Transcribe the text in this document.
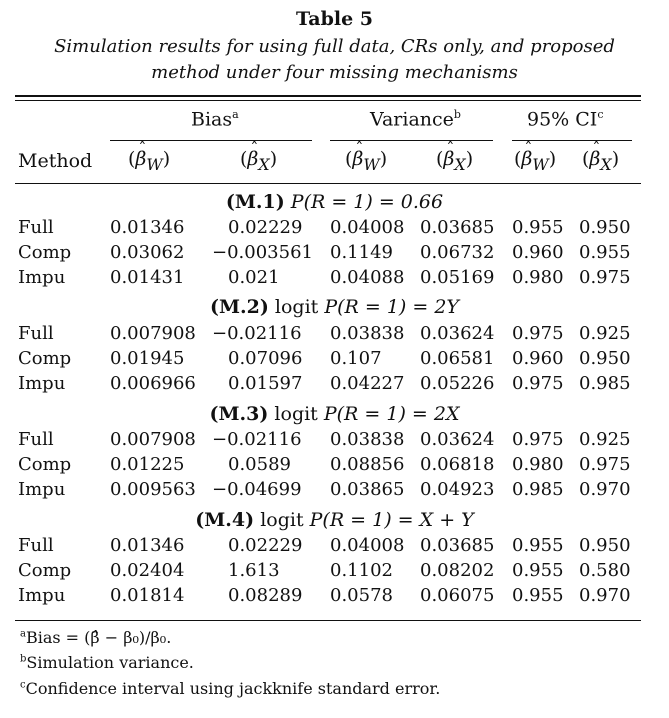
Table 5
Simulation results for using full data, CRs only, and proposed
method under four missing mechanisms
Bias$^a$	Variance$^b$	95% $CI^c$
Method (ˆ $\beta_W$)	(ˆ $\beta_X$)	(ˆ $\beta_W$)	(ˆ $\beta_X$) (ˆ $\beta_W$) (ˆ $\beta_X$)
(M.1) P(R = 1) = 0.66
Full	0.01346 0.02229 0.04008 0.03685 0.955 0.950
Comp 0.03062 −0.003561 0.1149 0.06732 0.960 0.955
Impu 0.01431 0.021	0.04088 0.05169 0.980 0.975
(M.2) logit P(R = 1) = 2Y
Full	0.007908 −0.02116 0.03838 0.03624 0.975 0.925
Comp 0.01945 0.07096 0.107 0.06581 0.960 0.950
Impu 0.006966 0.01597 0.04227 0.05226 0.975 0.985
(M.3) logit P(R = 1) = 2X
Full	0.007908 −0.02116 0.03838 0.03624 0.975 0.925
Comp 0.01225 0.0589 0.08856 0.06818 0.980 0.975
Impu 0.009563 −0.04699 0.03865 0.04923 0.985 0.970
(M.4) logit P(R = 1) = X + Y
Full	0.01346 0.02229 0.04008 0.03685 0.955 0.950
Comp 0.02404 1.613	0.1102 0.08202 0.955 0.580
Impu 0.01814 0.08289 0.0578 0.06075 0.955 0.970
$^a$Bias = (β̂ − β₀)/β₀.
$^b$Simulation variance.
$^c$Confidence interval using jackknife standard error.
